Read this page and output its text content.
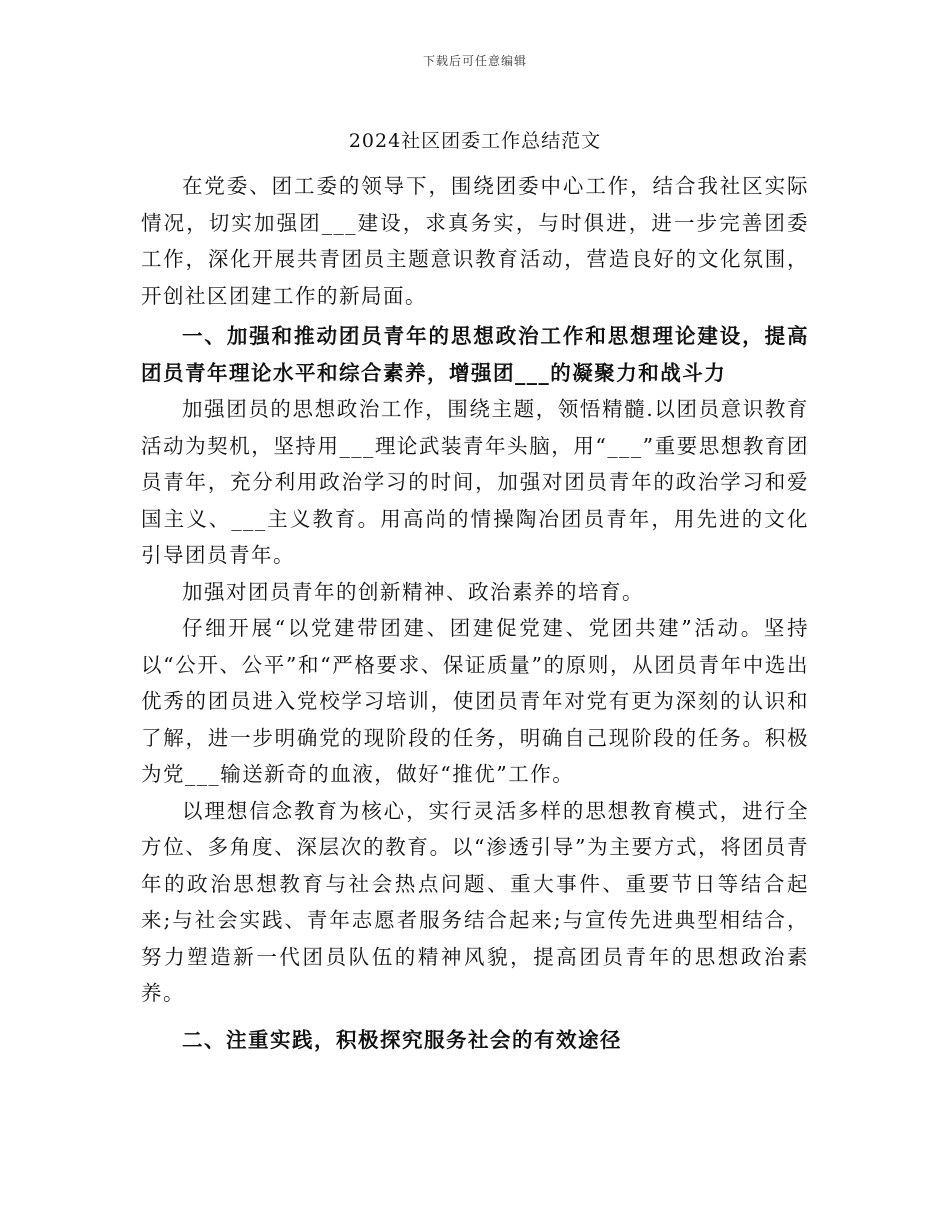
下载后可任意编辑
2024社区团委工作总结范文

在党委、团工委的领导下，围绕团委中心工作，结合我社区实际情况，切实加强团___建设，求真务实，与时俱进，进一步完善团委工作，深化开展共青团员主题意识教育活动，营造良好的文化氛围，开创社区团建工作的新局面。

一、加强和推动团员青年的思想政治工作和思想理论建设，提高团员青年理论水平和综合素养，增强团___的凝聚力和战斗力

加强团员的思想政治工作，围绕主题，领悟精髓.以团员意识教育活动为契机，坚持用___理论武装青年头脑，用“___”重要思想教育团员青年，充分利用政治学习的时间，加强对团员青年的政治学习和爱国主义、___主义教育。用高尚的情操陶冶团员青年，用先进的文化引导团员青年。

加强对团员青年的创新精神、政治素养的培育。

仔细开展“以党建带团建、团建促党建、党团共建”活动。坚持以“公开、公平”和“严格要求、保证质量”的原则，从团员青年中选出优秀的团员进入党校学习培训，使团员青年对党有更为深刻的认识和了解，进一步明确党的现阶段的任务，明确自己现阶段的任务。积极为党___输送新奇的血液，做好“推优”工作。

以理想信念教育为核心，实行灵活多样的思想教育模式，进行全方位、多角度、深层次的教育。以“渗透引导”为主要方式，将团员青年的政治思想教育与社会热点问题、重大事件、重要节日等结合起来;与社会实践、青年志愿者服务结合起来;与宣传先进典型相结合，努力塑造新一代团员队伍的精神风貌，提高团员青年的思想政治素养。

二、注重实践，积极探究服务社会的有效途径
